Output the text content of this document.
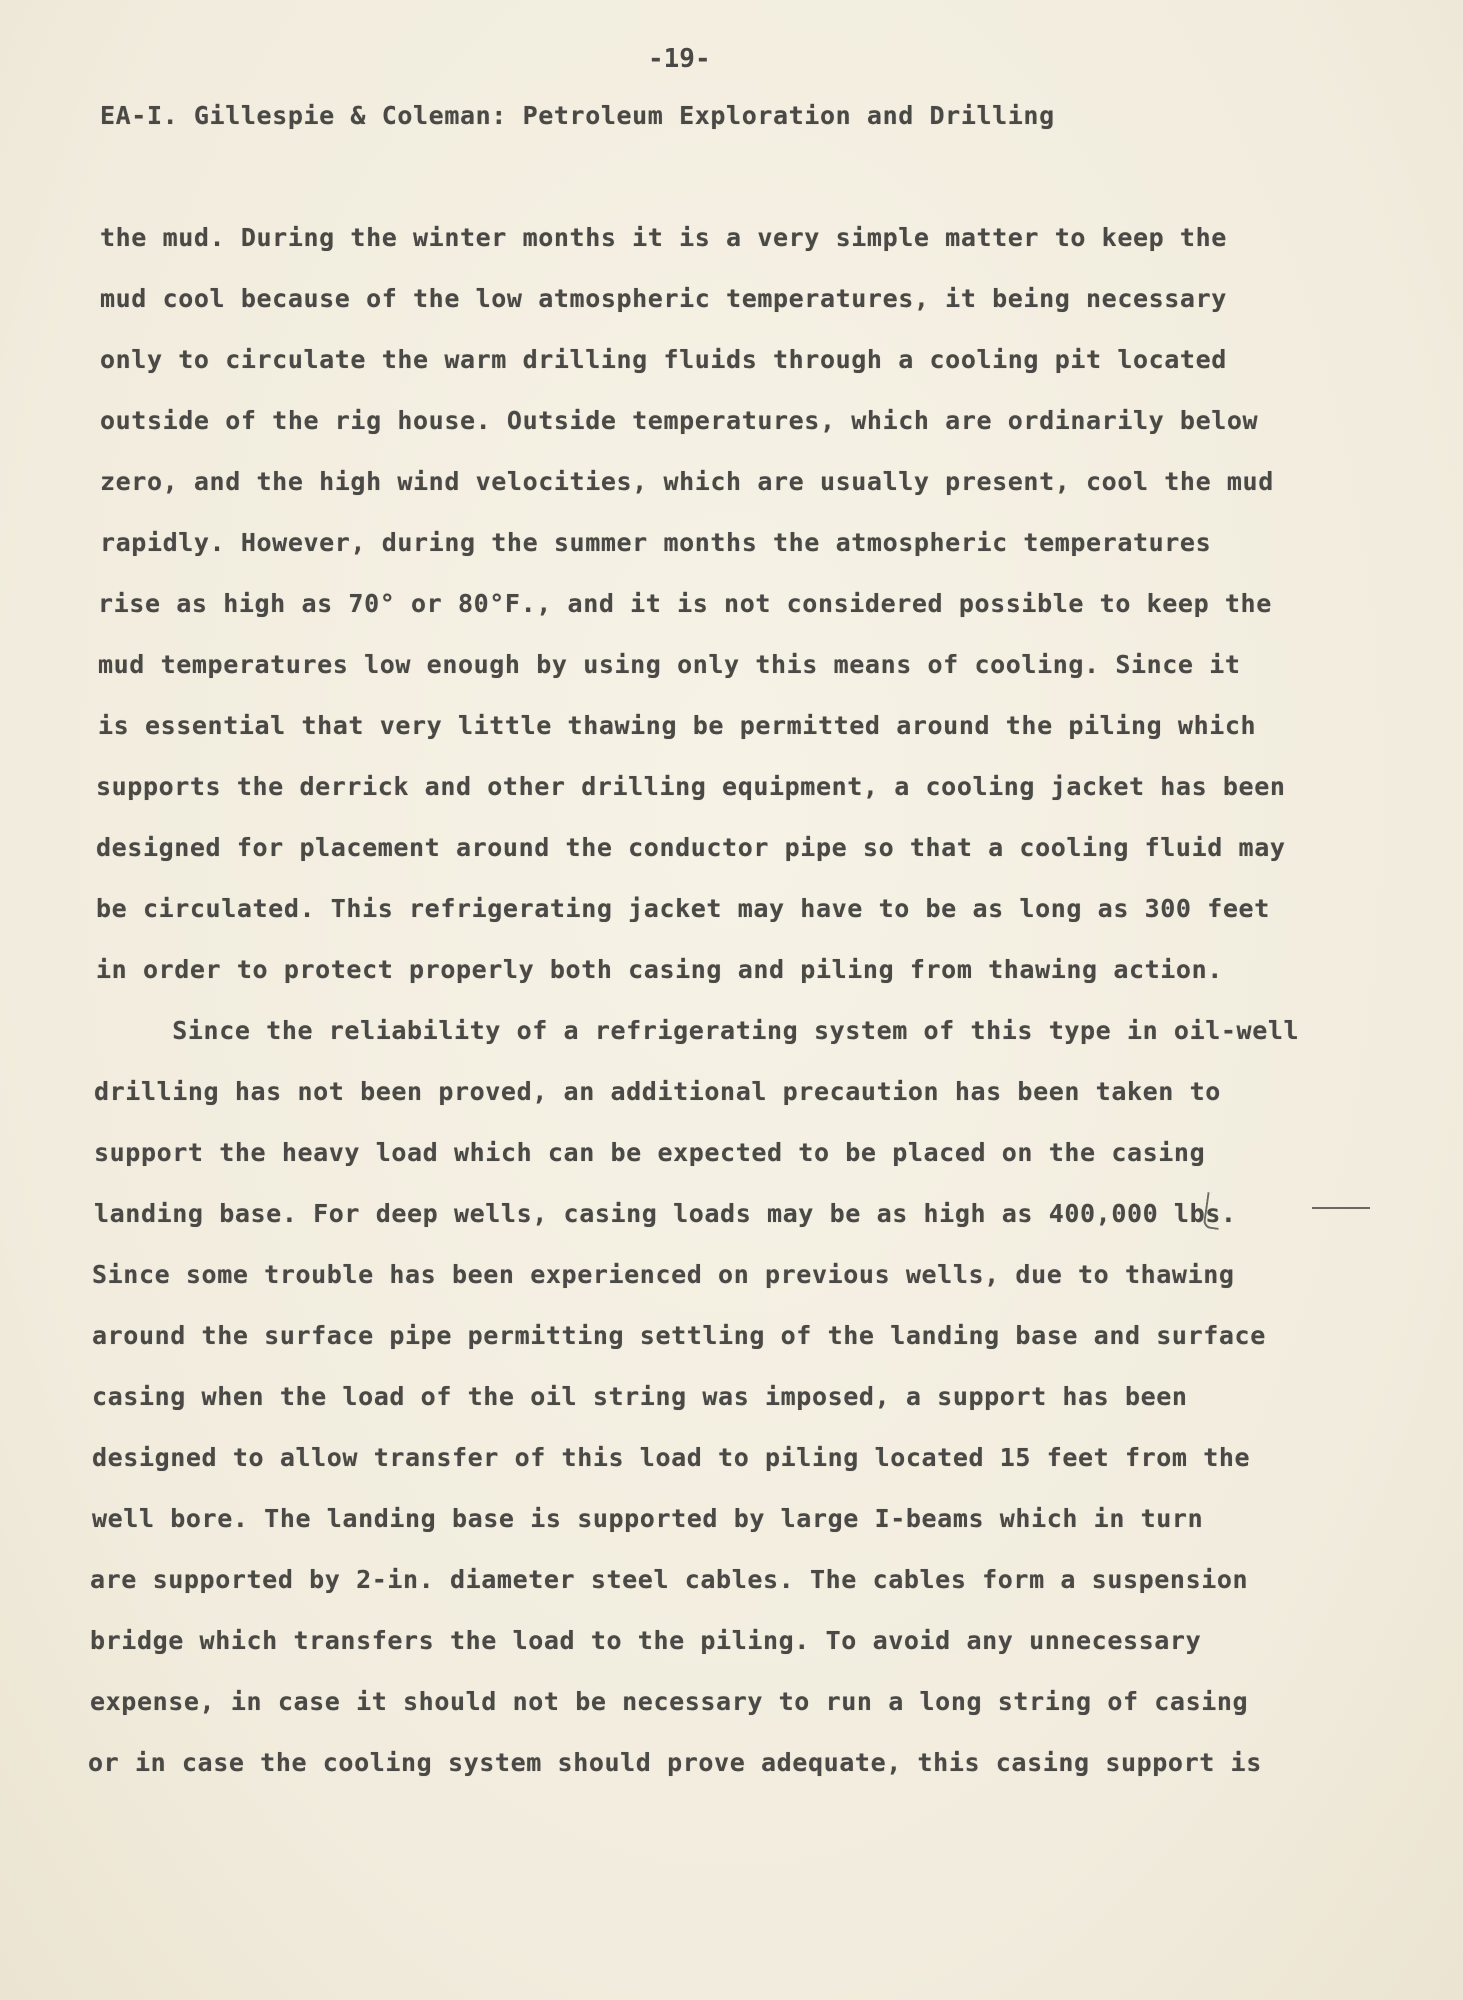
-19-
EA-I. Gillespie & Coleman: Petroleum Exploration and Drilling
the mud. During the winter months it is a very simple matter to keep the
mud cool because of the low atmospheric temperatures, it being necessary
only to circulate the warm drilling fluids through a cooling pit located
outside of the rig house. Outside temperatures, which are ordinarily below
zero, and the high wind velocities, which are usually present, cool the mud
rapidly. However, during the summer months the atmospheric temperatures
rise as high as 70° or 80°F., and it is not considered possible to keep the
mud temperatures low enough by using only this means of cooling. Since it
is essential that very little thawing be permitted around the piling which
supports the derrick and other drilling equipment, a cooling jacket has been
designed for placement around the conductor pipe so that a cooling fluid may
be circulated. This refrigerating jacket may have to be as long as 300 feet
in order to protect properly both casing and piling from thawing action.
Since the reliability of a refrigerating system of this type in oil-well
drilling has not been proved, an additional precaution has been taken to
support the heavy load which can be expected to be placed on the casing
landing base. For deep wells, casing loads may be as high as 400,000 lbs.
Since some trouble has been experienced on previous wells, due to thawing
around the surface pipe permitting settling of the landing base and surface
casing when the load of the oil string was imposed, a support has been
designed to allow transfer of this load to piling located 15 feet from the
well bore. The landing base is supported by large I-beams which in turn
are supported by 2-in. diameter steel cables. The cables form a suspension
bridge which transfers the load to the piling. To avoid any unnecessary
expense, in case it should not be necessary to run a long string of casing
or in case the cooling system should prove adequate, this casing support is
